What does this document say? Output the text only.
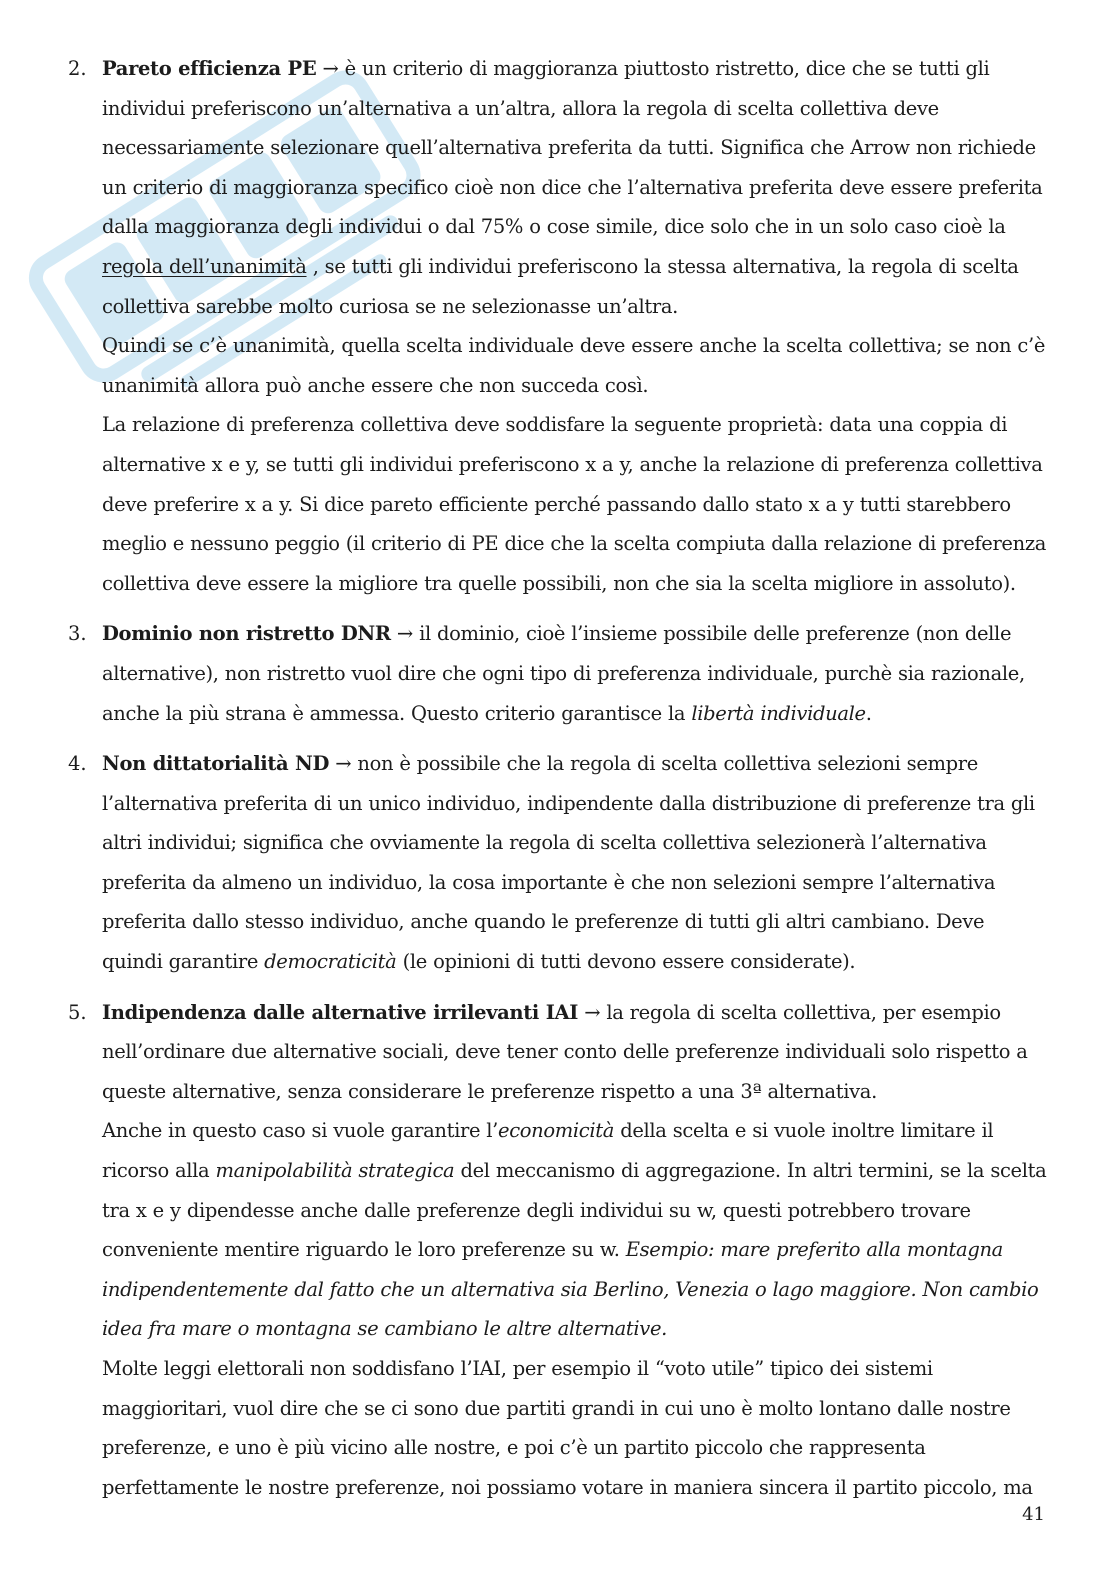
2. Pareto efficienza PE → è un criterio di maggioranza piuttosto ristretto, dice che se tutti gli individui preferiscono un’alternativa a un’altra, allora la regola di scelta collettiva deve necessariamente selezionare quell’alternativa preferita da tutti. Significa che Arrow non richiede un criterio di maggioranza specifico cioè non dice che l’alternativa preferita deve essere preferita dalla maggioranza degli individui o dal 75% o cose simile, dice solo che in un solo caso cioè la regola dell’unanimità , se tutti gli individui preferiscono la stessa alternativa, la regola di scelta collettiva sarebbe molto curiosa se ne selezionasse un’altra.

Quindi se c’è unanimità, quella scelta individuale deve essere anche la scelta collettiva; se non c’è unanimità allora può anche essere che non succeda così.

La relazione di preferenza collettiva deve soddisfare la seguente proprietà: data una coppia di alternative x e y, se tutti gli individui preferiscono x a y, anche la relazione di preferenza collettiva deve preferire x a y. Si dice pareto efficiente perché passando dallo stato x a y tutti starebbero meglio e nessuno peggio (il criterio di PE dice che la scelta compiuta dalla relazione di preferenza collettiva deve essere la migliore tra quelle possibili, non che sia la scelta migliore in assoluto).

3. Dominio non ristretto DNR → il dominio, cioè l’insieme possibile delle preferenze (non delle alternative), non ristretto vuol dire che ogni tipo di preferenza individuale, purchè sia razionale, anche la più strana è ammessa. Questo criterio garantisce la libertà individuale.

4. Non dittatorialità ND → non è possibile che la regola di scelta collettiva selezioni sempre l’alternativa preferita di un unico individuo, indipendente dalla distribuzione di preferenze tra gli altri individui; significa che ovviamente la regola di scelta collettiva selezionerà l’alternativa preferita da almeno un individuo, la cosa importante è che non selezioni sempre l’alternativa preferita dallo stesso individuo, anche quando le preferenze di tutti gli altri cambiano. Deve quindi garantire democraticità (le opinioni di tutti devono essere considerate).

5. Indipendenza dalle alternative irrilevanti IAI → la regola di scelta collettiva, per esempio nell’ordinare due alternative sociali, deve tener conto delle preferenze individuali solo rispetto a queste alternative, senza considerare le preferenze rispetto a una 3ª alternativa.

Anche in questo caso si vuole garantire l’economicità della scelta e si vuole inoltre limitare il ricorso alla manipolabilità strategica del meccanismo di aggregazione. In altri termini, se la scelta tra x e y dipendesse anche dalle preferenze degli individui su w, questi potrebbero trovare conveniente mentire riguardo le loro preferenze su w. Esempio: mare preferito alla montagna indipendentemente dal fatto che un alternativa sia Berlino, Venezia o lago maggiore. Non cambio idea fra mare o montagna se cambiano le altre alternative.

Molte leggi elettorali non soddisfano l’IAI, per esempio il “voto utile” tipico dei sistemi maggioritari, vuol dire che se ci sono due partiti grandi in cui uno è molto lontano dalle nostre preferenze, e uno è più vicino alle nostre, e poi c’è un partito piccolo che rappresenta perfettamente le nostre preferenze, noi possiamo votare in maniera sincera il partito piccolo, ma

41
